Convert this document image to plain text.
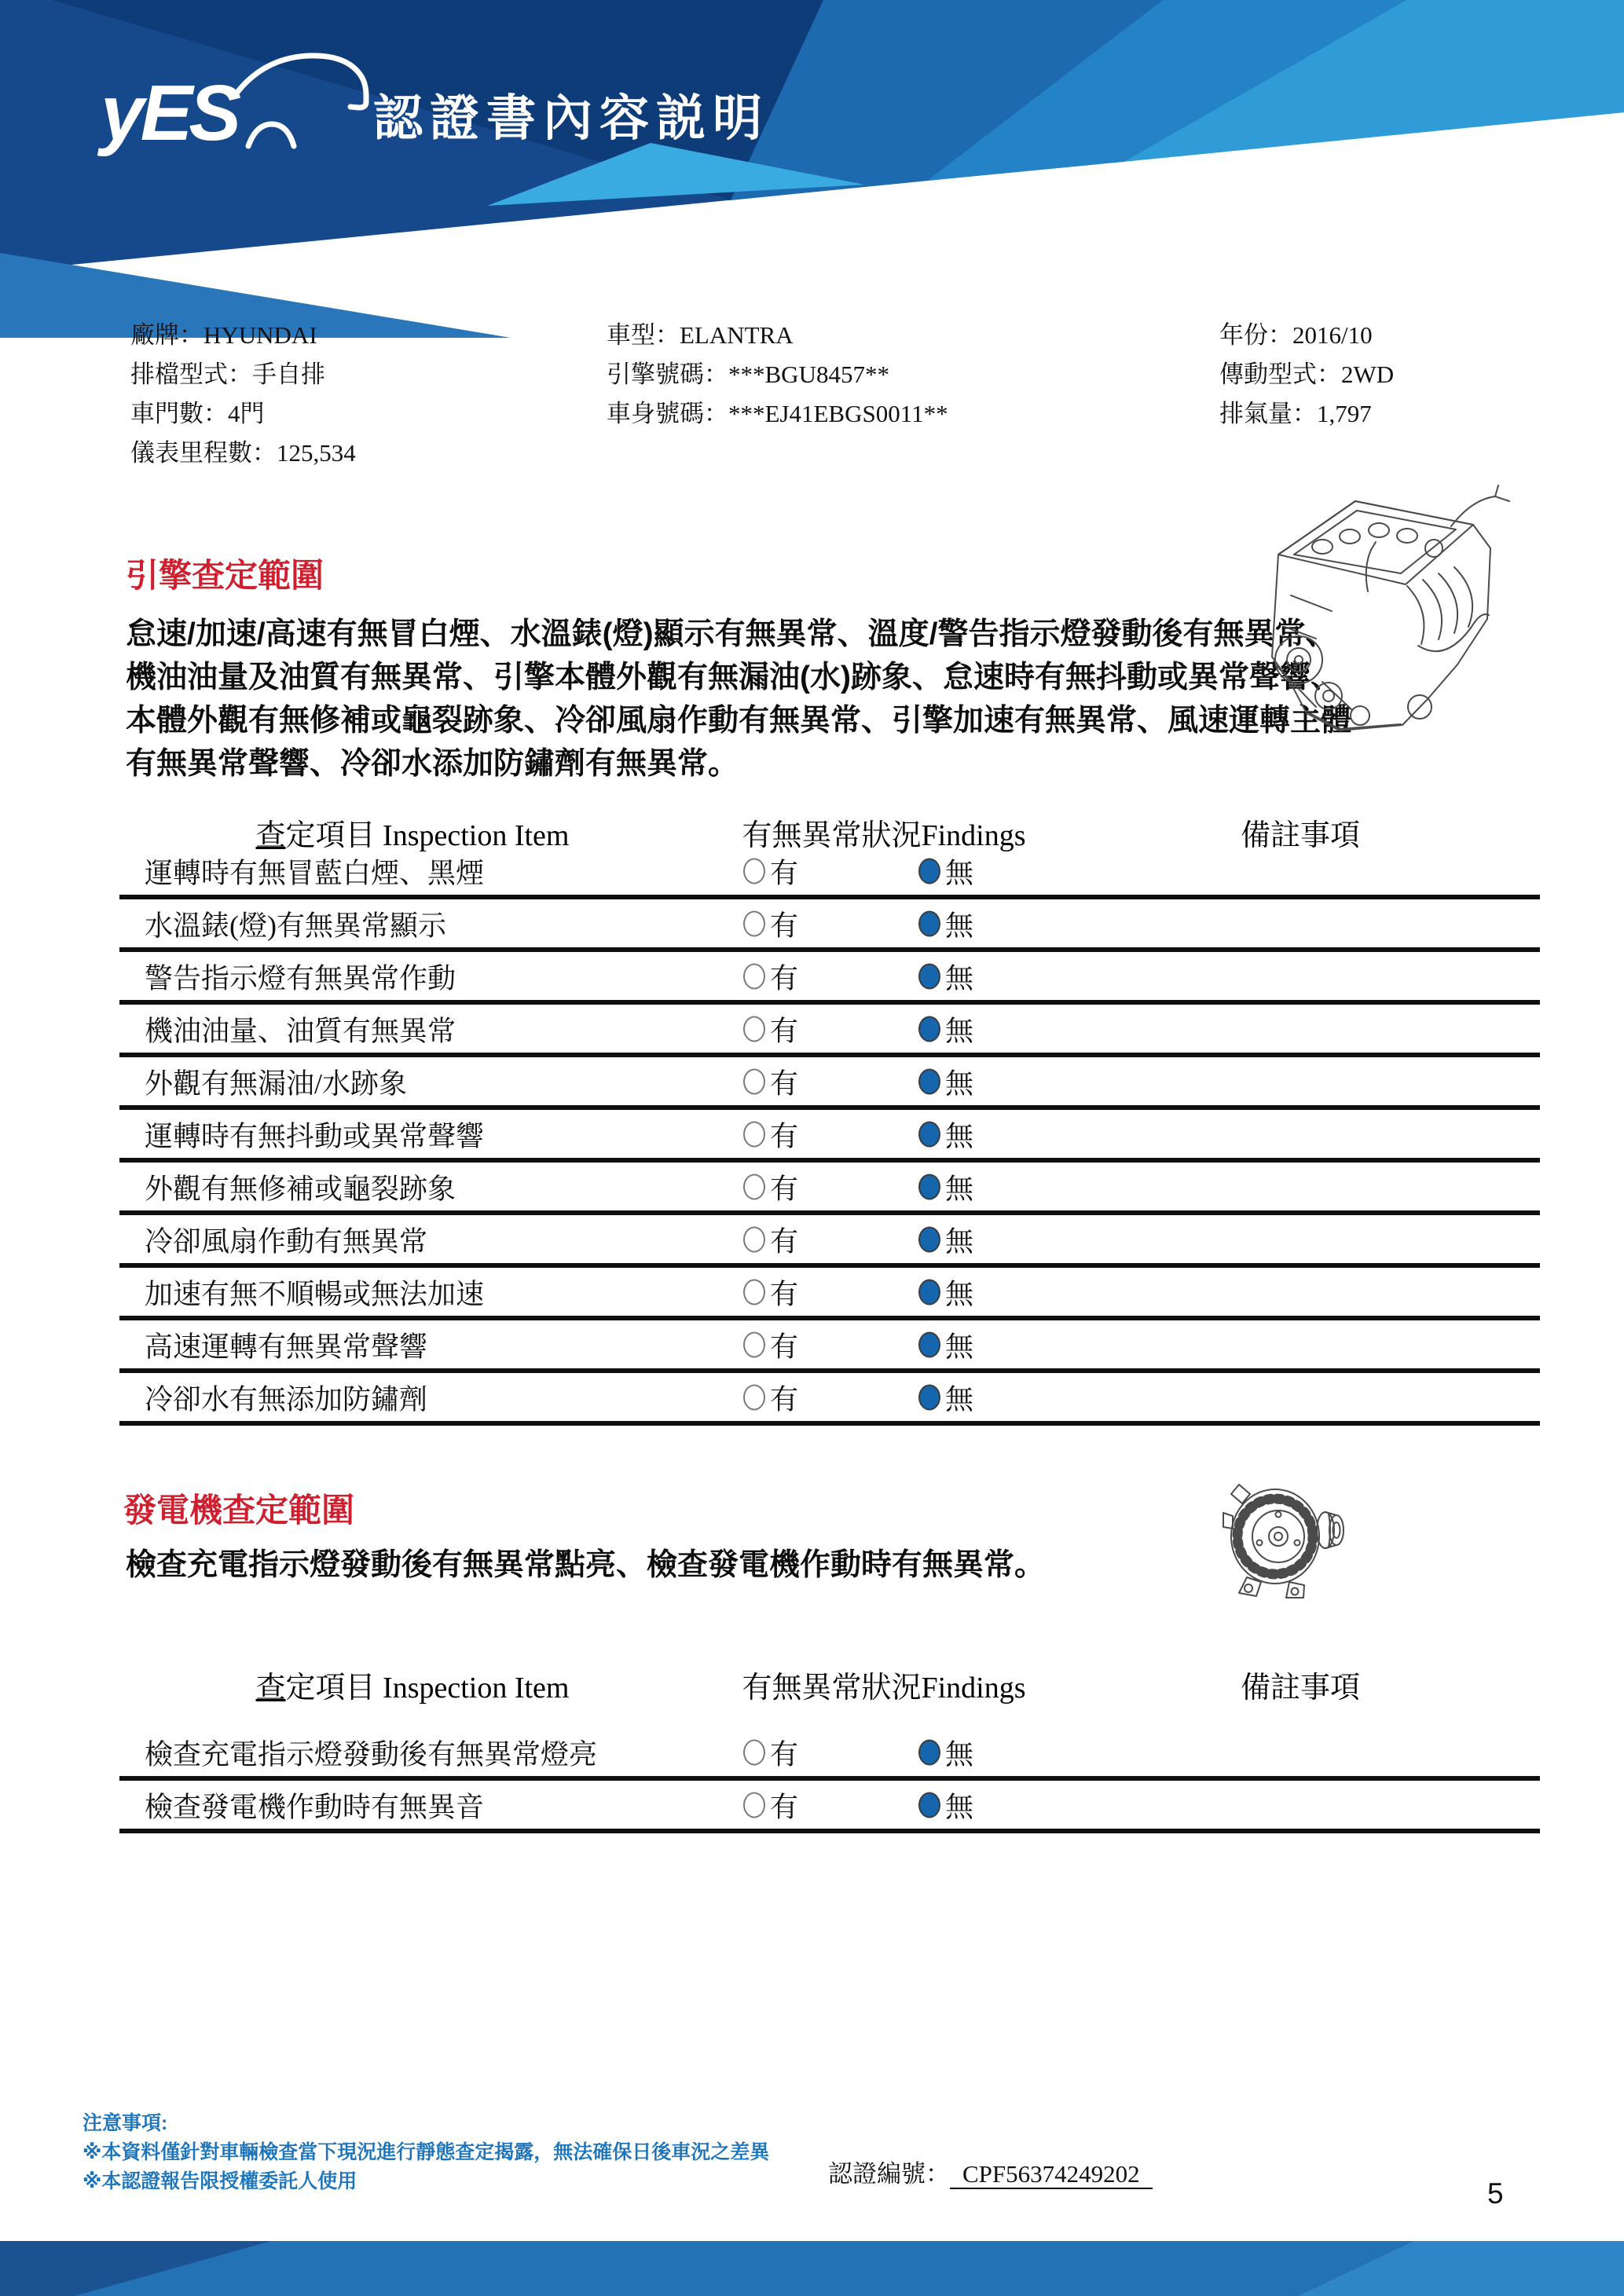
yES	認證書內容説明
廠牌：HYUNDAI
排檔型式：手自排
車門數：4門
儀表里程數：125,534
車型：ELANTRA
引擎號碼：***BGU8457**
車身號碼：***EJ41EBGS0011**
年份：2016/10
傳動型式：2WD
排氣量：1,797
引擎查定範圍
怠速/加速/高速有無冒白煙、水溫錶(燈)顯示有無異常、溫度/警告指示燈發動後有無異常、
機油油量及油質有無異常、引擎本體外觀有無漏油(水)跡象、怠速時有無抖動或異常聲響、
本體外觀有無修補或龜裂跡象、冷卻風扇作動有無異常、引擎加速有無異常、風速運轉主體
有無異常聲響、冷卻水添加防鏽劑有無異常。
查定項目 Inspection Item	有無異常狀況Findings	備註事項
運轉時有無冒藍白煙、黑煙	有	無
水溫錶(燈)有無異常顯示	有	無
警告指示燈有無異常作動	有	無
機油油量、油質有無異常	有	無
外觀有無漏油/水跡象	有	無
運轉時有無抖動或異常聲響	有	無
外觀有無修補或龜裂跡象	有	無
冷卻風扇作動有無異常	有	無
加速有無不順暢或無法加速	有	無
高速運轉有無異常聲響	有	無
冷卻水有無添加防鏽劑	有	無
發電機查定範圍
檢查充電指示燈發動後有無異常點亮、檢查發電機作動時有無異常。
查定項目 Inspection Item	有無異常狀況Findings	備註事項
檢查充電指示燈發動後有無異常燈亮	有	無
檢查發電機作動時有無異音	有	無
注意事項:
※本資料僅針對車輛檢查當下現況進行靜態查定揭露，無法確保日後車況之差異
※本認證報告限授權委託人使用	認證編號： CPF56374249202
5
